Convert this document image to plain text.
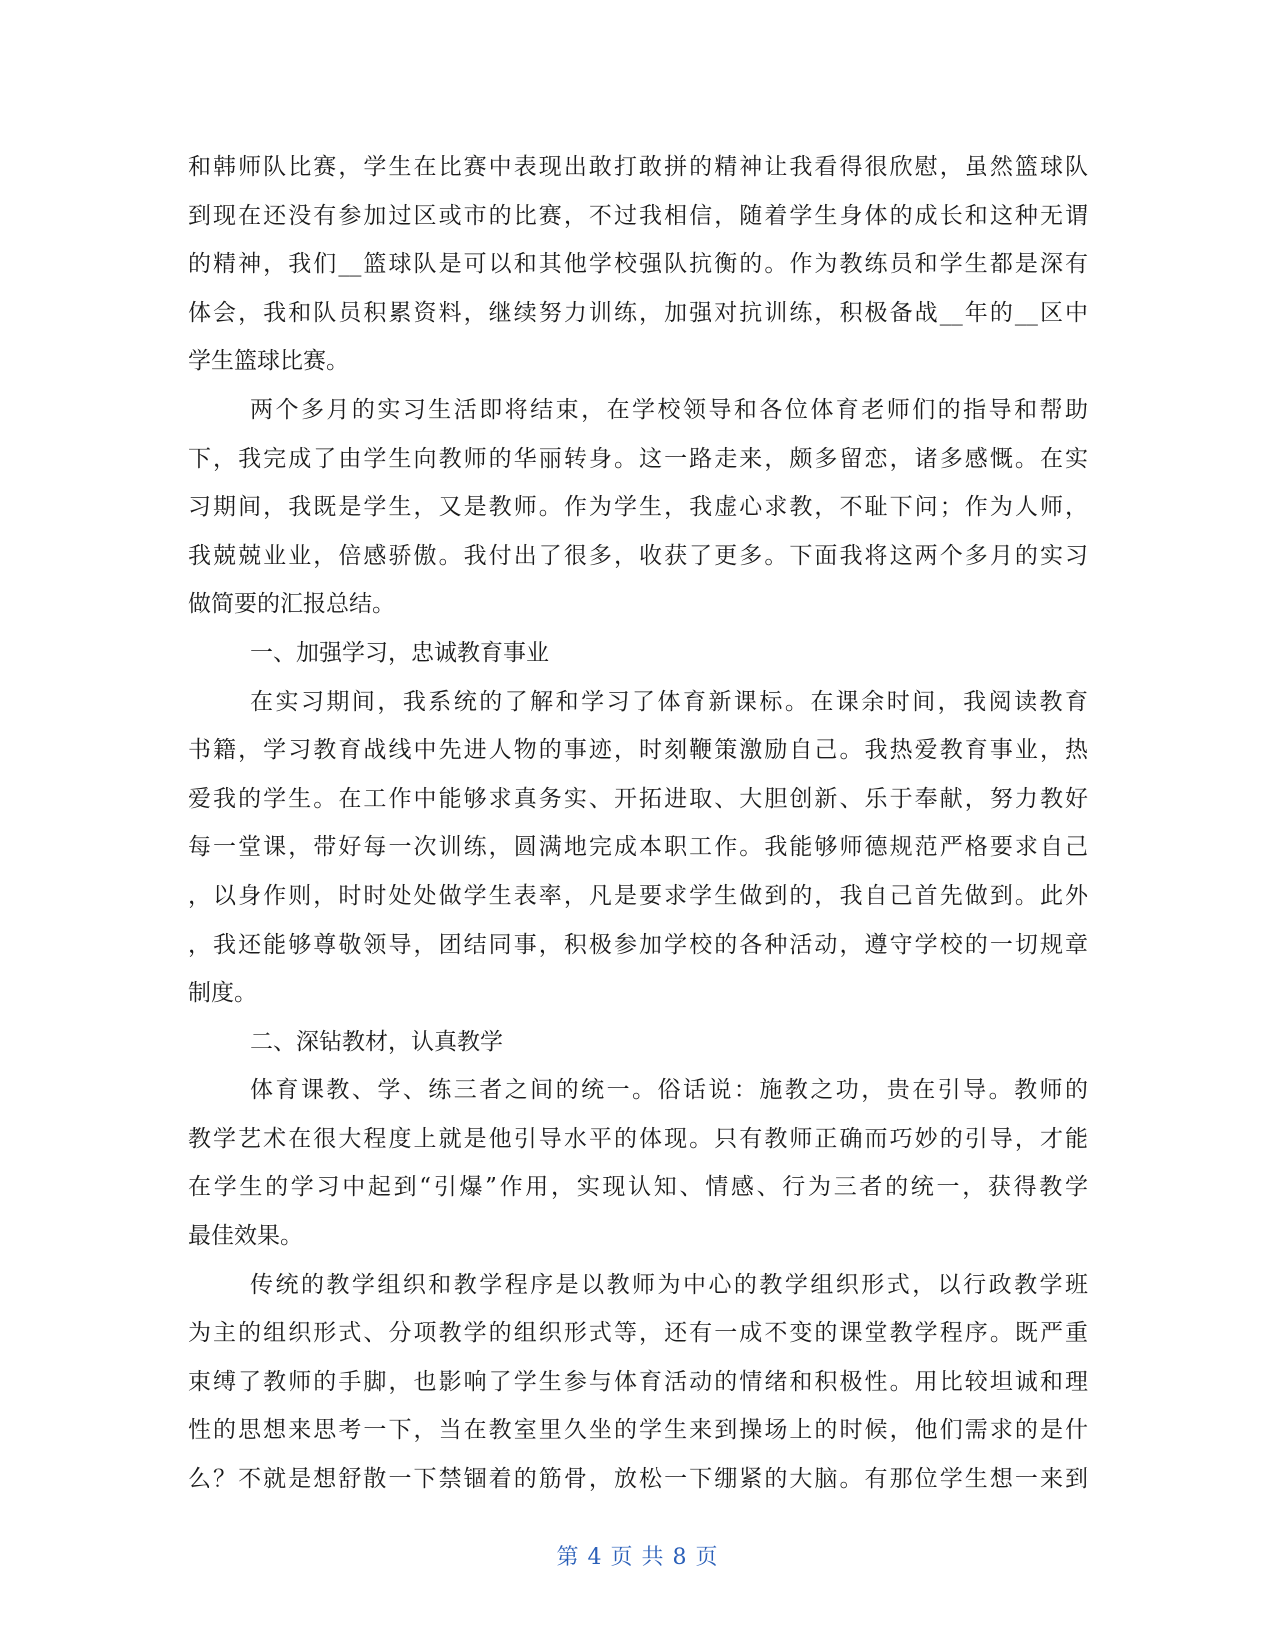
和韩师队比赛，学生在比赛中表现出敢打敢拼的精神让我看得很欣慰，虽然篮球队
到现在还没有参加过区或市的比赛，不过我相信，随着学生身体的成长和这种无谓
的精神，我们__篮球队是可以和其他学校强队抗衡的。作为教练员和学生都是深有
体会，我和队员积累资料，继续努力训练，加强对抗训练，积极备战__年的__区中
学生篮球比赛。
两个多月的实习生活即将结束，在学校领导和各位体育老师们的指导和帮助
下，我完成了由学生向教师的华丽转身。这一路走来，颇多留恋，诸多感慨。在实
习期间，我既是学生，又是教师。作为学生，我虚心求教，不耻下问；作为人师，
我兢兢业业，倍感骄傲。我付出了很多，收获了更多。下面我将这两个多月的实习
做简要的汇报总结。
一、加强学习，忠诚教育事业
在实习期间，我系统的了解和学习了体育新课标。在课余时间，我阅读教育
书籍，学习教育战线中先进人物的事迹，时刻鞭策激励自己。我热爱教育事业，热
爱我的学生。在工作中能够求真务实、开拓进取、大胆创新、乐于奉献，努力教好
每一堂课，带好每一次训练，圆满地完成本职工作。我能够师德规范严格要求自己
，以身作则，时时处处做学生表率，凡是要求学生做到的，我自己首先做到。此外
，我还能够尊敬领导，团结同事，积极参加学校的各种活动，遵守学校的一切规章
制度。
二、深钻教材，认真教学
体育课教、学、练三者之间的统一。俗话说：施教之功，贵在引导。教师的
教学艺术在很大程度上就是他引导水平的体现。只有教师正确而巧妙的引导，才能
在学生的学习中起到“引爆”作用，实现认知、情感、行为三者的统一，获得教学
最佳效果。
传统的教学组织和教学程序是以教师为中心的教学组织形式，以行政教学班
为主的组织形式、分项教学的组织形式等，还有一成不变的课堂教学程序。既严重
束缚了教师的手脚，也影响了学生参与体育活动的情绪和积极性。用比较坦诚和理
性的思想来思考一下，当在教室里久坐的学生来到操场上的时候，他们需求的是什
么？不就是想舒散一下禁锢着的筋骨，放松一下绷紧的大脑。有那位学生想一来到
第 4 页 共 8 页
